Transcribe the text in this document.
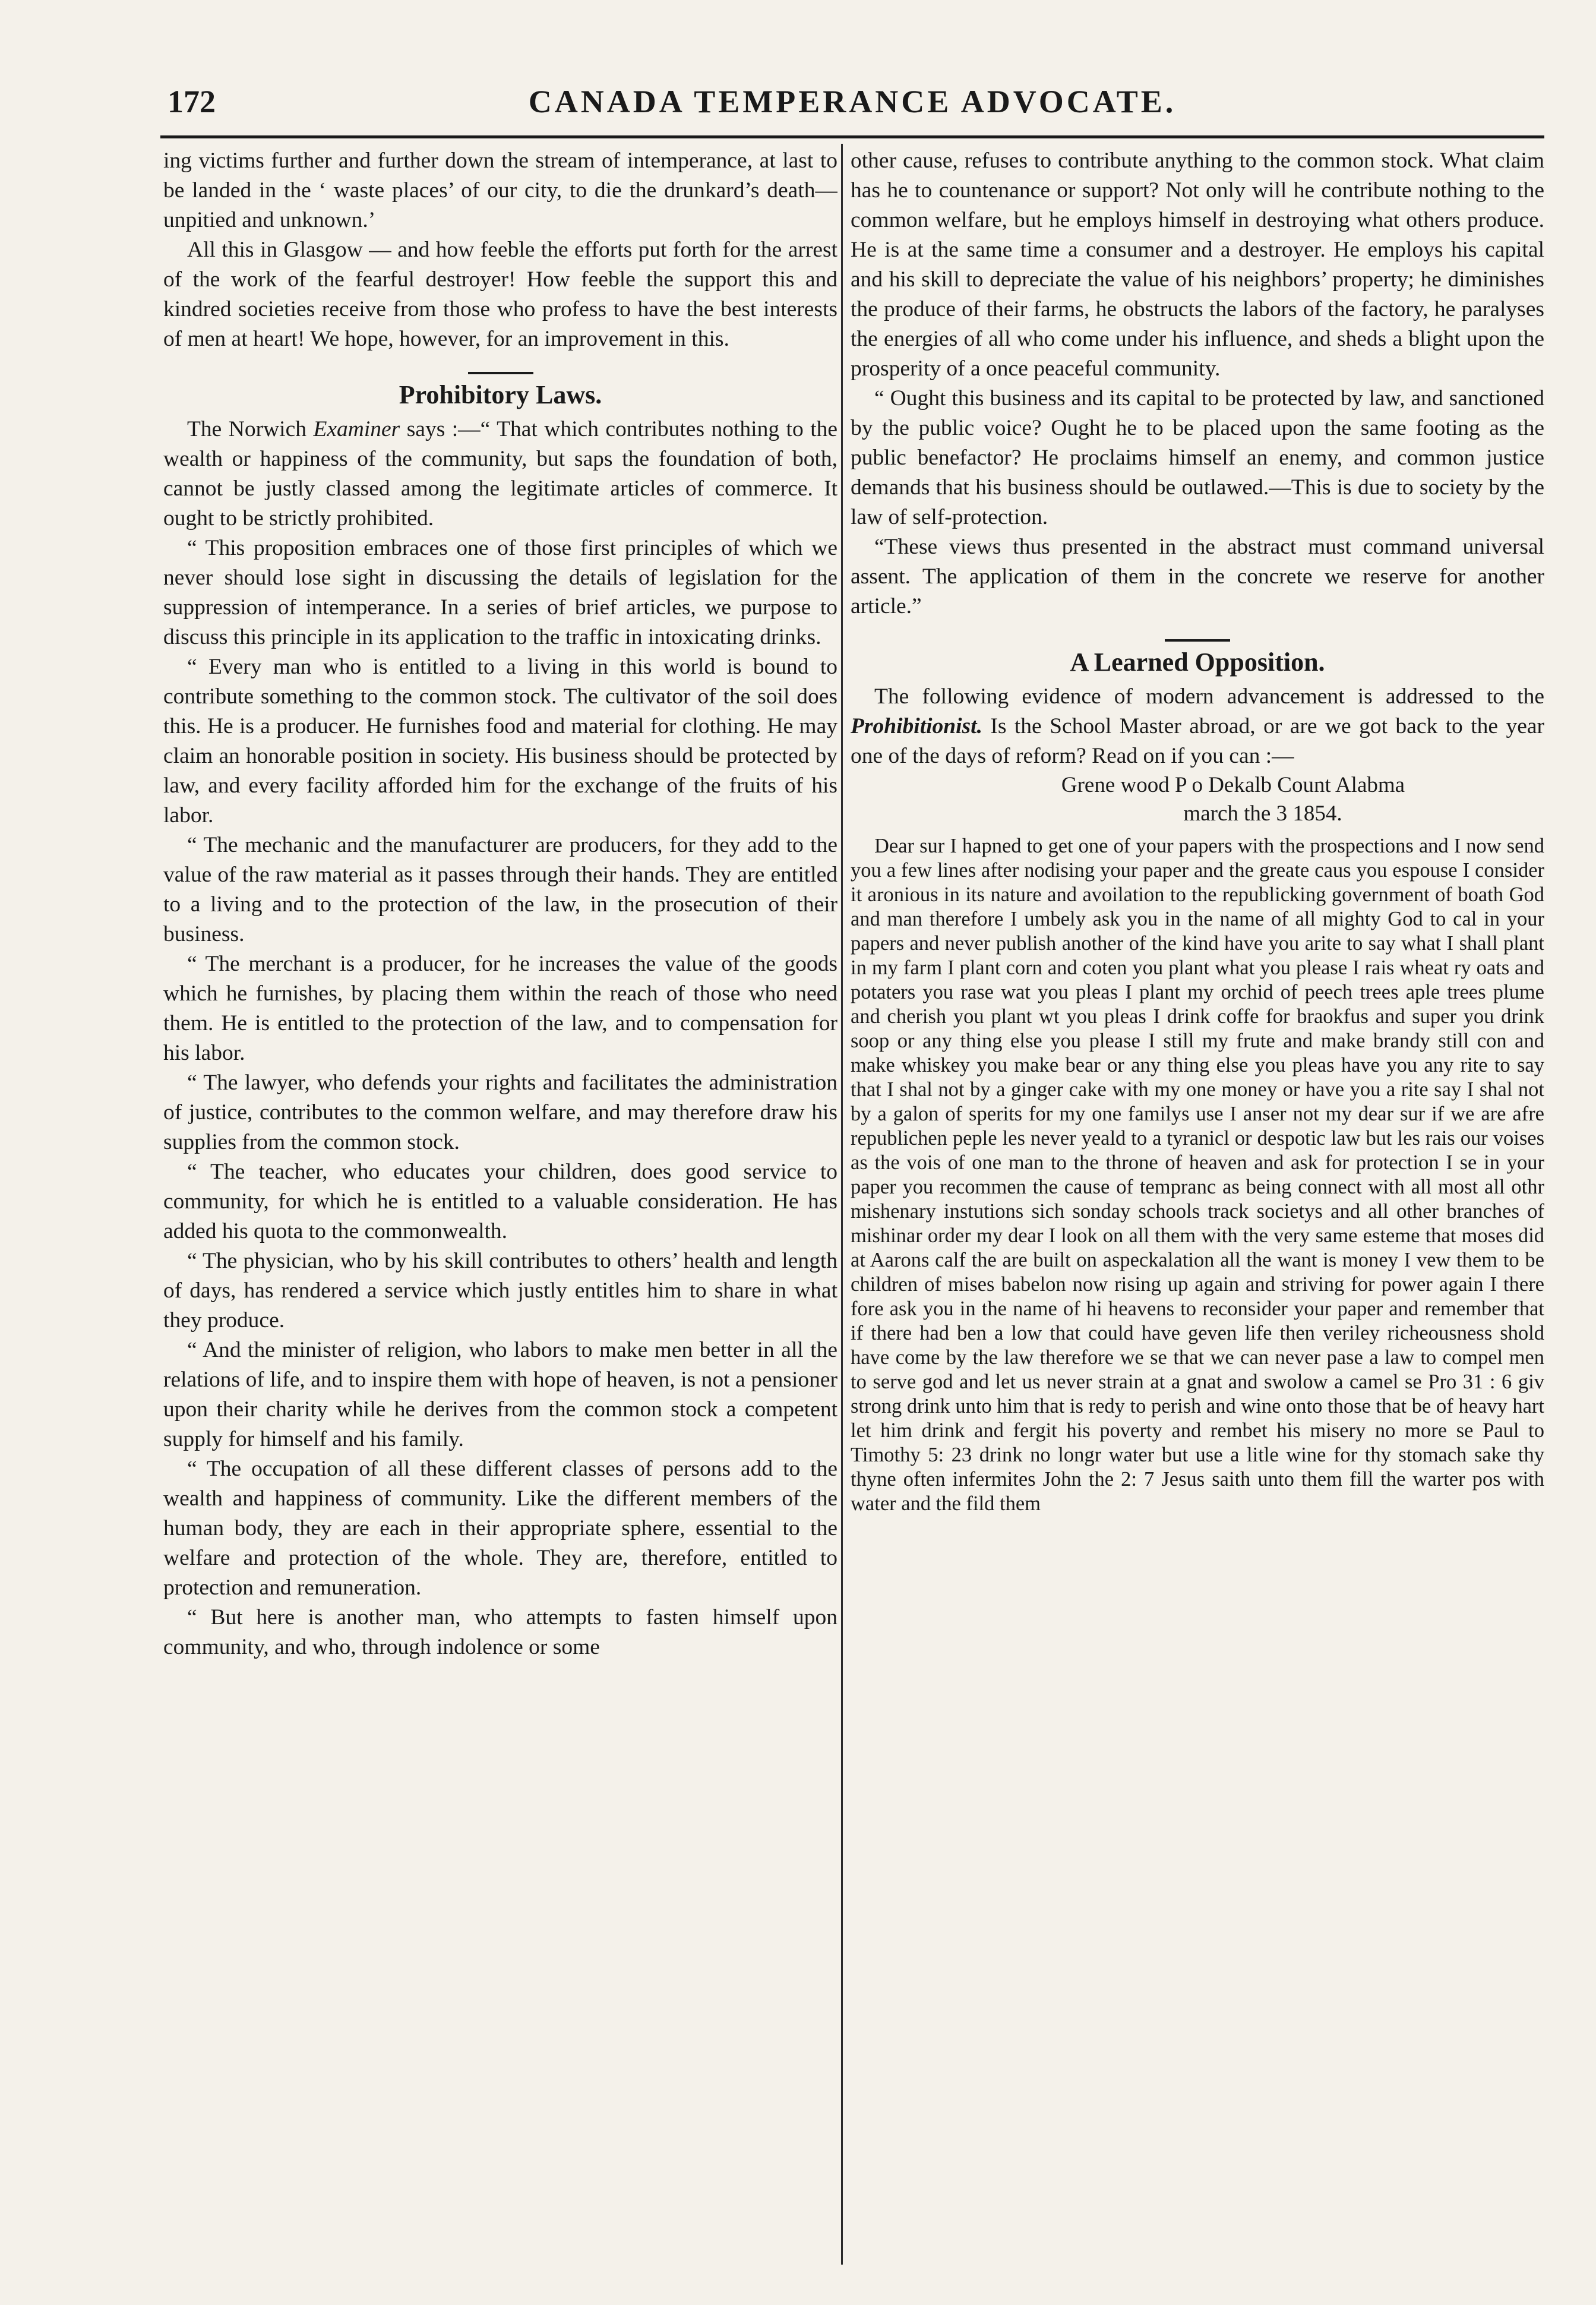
172	CANADA TEMPERANCE ADVOCATE.

ing victims further and further down the stream of intemperance, at last to be landed in the ‘ waste places’ of our city, to die the drunkard’s death—unpitied and unknown.’

All this in Glasgow — and how feeble the efforts put forth for the arrest of the work of the fearful destroyer! How feeble the support this and kindred societies receive from those who profess to have the best interests of men at heart! We hope, however, for an improvement in this.

Prohibitory Laws.

The Norwich Examiner says :—“ That which contributes nothing to the wealth or happiness of the community, but saps the foundation of both, cannot be justly classed among the legitimate articles of commerce. It ought to be strictly prohibited.

“ This proposition embraces one of those first principles of which we never should lose sight in discussing the details of legislation for the suppression of intemperance. In a series of brief articles, we purpose to discuss this principle in its application to the traffic in intoxicating drinks.

“ Every man who is entitled to a living in this world is bound to contribute something to the common stock. The cultivator of the soil does this. He is a producer. He furnishes food and material for clothing. He may claim an honorable position in society. His business should be protected by law, and every facility afforded him for the exchange of the fruits of his labor.

“ The mechanic and the manufacturer are producers, for they add to the value of the raw material as it passes through their hands. They are entitled to a living and to the protection of the law, in the prosecution of their business.

“ The merchant is a producer, for he increases the value of the goods which he furnishes, by placing them within the reach of those who need them. He is entitled to the protection of the law, and to compensation for his labor.

“ The lawyer, who defends your rights and facilitates the administration of justice, contributes to the common welfare, and may therefore draw his supplies from the common stock.

“ The teacher, who educates your children, does good service to community, for which he is entitled to a valuable consideration. He has added his quota to the commonwealth.

“ The physician, who by his skill contributes to others’ health and length of days, has rendered a service which justly entitles him to share in what they produce.

“ And the minister of religion, who labors to make men better in all the relations of life, and to inspire them with hope of heaven, is not a pensioner upon their charity while he derives from the common stock a competent supply for himself and his family.

“ The occupation of all these different classes of persons add to the wealth and happiness of community. Like the different members of the human body, they are each in their appropriate sphere, essential to the welfare and protection of the whole. They are, therefore, entitled to protection and remuneration.

“ But here is another man, who attempts to fasten himself upon community, and who, through indolence or some

other cause, refuses to contribute anything to the common stock. What claim has he to countenance or support? Not only will he contribute nothing to the common welfare, but he employs himself in destroying what others produce. He is at the same time a consumer and a destroyer. He employs his capital and his skill to depreciate the value of his neighbors’ property; he diminishes the produce of their farms, he obstructs the labors of the factory, he paralyses the energies of all who come under his influence, and sheds a blight upon the prosperity of a once peaceful community.

“ Ought this business and its capital to be protected by law, and sanctioned by the public voice? Ought he to be placed upon the same footing as the public benefactor? He proclaims himself an enemy, and common justice demands that his business should be outlawed.—This is due to society by the law of self-protection.

“These views thus presented in the abstract must command universal assent. The application of them in the concrete we reserve for another article.”

A Learned Opposition.

The following evidence of modern advancement is addressed to the Prohibitionist. Is the School Master abroad, or are we got back to the year one of the days of reform? Read on if you can :—

Grene wood P o Dekalb Count Alabma
march the 3 1854.

Dear sur I hapned to get one of your papers with the prospections and I now send you a few lines after nodising your paper and the greate caus you espouse I consider it aronious in its nature and avoilation to the republicking government of boath God and man therefore I umbely ask you in the name of all mighty God to cal in your papers and never publish another of the kind have you arite to say what I shall plant in my farm I plant corn and coten you plant what you please I rais wheat ry oats and potaters you rase wat you pleas I plant my orchid of peech trees aple trees plume and cherish you plant wt you pleas I drink coffe for braokfus and super you drink soop or any thing else you please I still my frute and make brandy still con and make whiskey you make bear or any thing else you pleas have you any rite to say that I shal not by a ginger cake with my one money or have you a rite say I shal not by a galon of sperits for my one familys use I anser not my dear sur if we are afre republichen peple les never yeald to a tyranicl or despotic law but les rais our voises as the vois of one man to the throne of heaven and ask for protection I se in your paper you recommen the cause of tempranc as being connect with all most all othr mishenary instutions sich sonday schools track societys and all other branches of mishinar order my dear I look on all them with the very same esteme that moses did at Aarons calf the are built on aspeckalation all the want is money I vew them to be children of mises babelon now rising up again and striving for power again I there fore ask you in the name of hi heavens to reconsider your paper and remember that if there had ben a low that could have geven life then veriley richeousness shold have come by the law therefore we se that we can never pase a law to compel men to serve god and let us never strain at a gnat and swolow a camel se Pro 31 : 6 giv strong drink unto him that is redy to perish and wine onto those that be of heavy hart let him drink and fergit his poverty and rembet his misery no more se Paul to Timothy 5: 23 drink no longr water but use a litle wine for thy stomach sake thy thyne often infermites John the 2: 7 Jesus saith unto them fill the warter pos with water and the fild them
